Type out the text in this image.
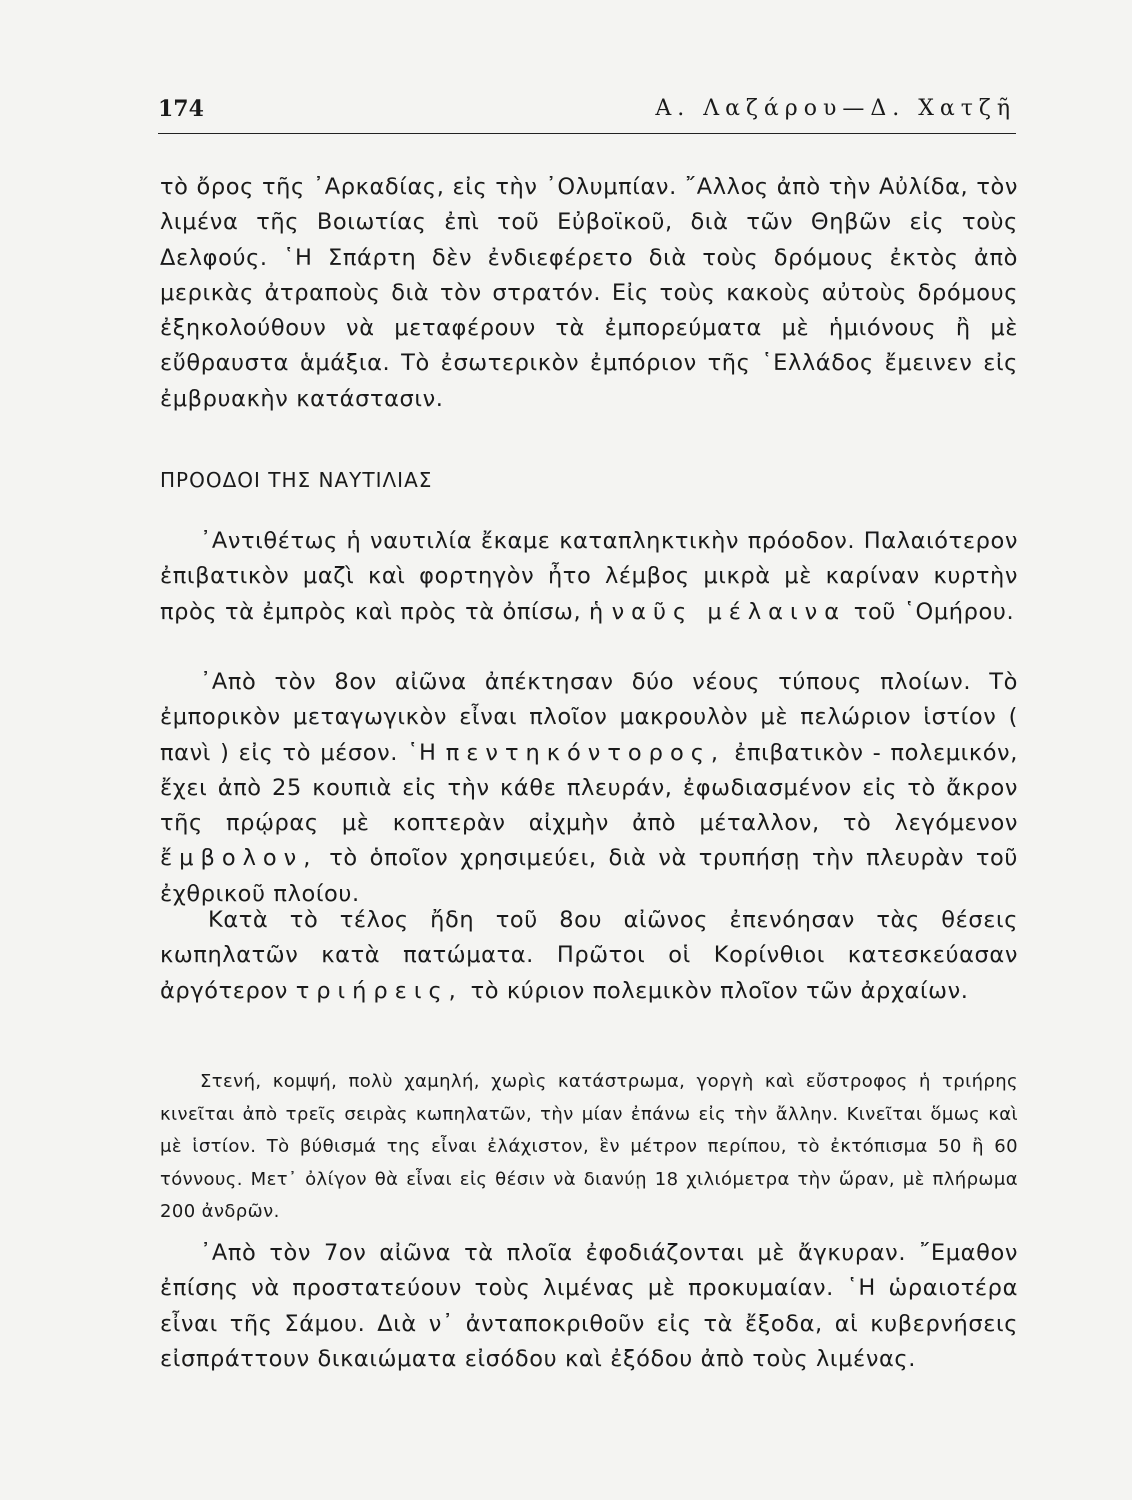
174	Α. Λαζάρου—Δ. Χατζῆ

τὸ ὄρος τῆς ᾿Αρκαδίας, εἰς τὴν ᾿Ολυμπίαν. ῎Αλλος ἀπὸ τὴν Αὐλίδα, τὸν λιμένα τῆς Βοιωτίας ἐπὶ τοῦ Εὐβοϊκοῦ, διὰ τῶν Θηβῶν εἰς τοὺς Δελφούς. ῾Η Σπάρτη δὲν ἐνδιεφέρετο διὰ τοὺς δρόμους ἐκτὸς ἀπὸ μερικὰς ἀτραποὺς διὰ τὸν στρατόν. Εἰς τοὺς κακοὺς αὐτοὺς δρόμους ἐξηκολούθουν νὰ μεταφέρουν τὰ ἐμπορεύματα μὲ ἡμιόνους ἢ μὲ εὔθραυστα ἁμάξια. Τὸ ἐσωτερικὸν ἐμπόριον τῆς ῾Ελλάδος ἔμεινεν εἰς ἐμβρυακὴν κατάστασιν.

ΠΡΟΟΔΟΙ ΤΗΣ ΝΑΥΤΙΛΙΑΣ

᾿Αντιθέτως ἡ ναυτιλία ἔκαμε καταπληκτικὴν πρόοδον. Παλαιότερον ἐπιβατικὸν μαζὶ καὶ φορτηγὸν ἦτο λέμβος μικρὰ μὲ καρίναν κυρτὴν πρὸς τὰ ἐμπρὸς καὶ πρὸς τὰ ὀπίσω, ἡ ναῦς μέλαινα τοῦ ῾Ομήρου.

᾿Απὸ τὸν 8ον αἰῶνα ἀπέκτησαν δύο νέους τύπους πλοίων. Τὸ ἐμπορικὸν μεταγωγικὸν εἶναι πλοῖον μακρουλὸν μὲ πελώριον ἱστίον ( πανὶ ) εἰς τὸ μέσον. ῾Η πεντηκόντορος, ἐπιβατικὸν - πολεμικόν, ἔχει ἀπὸ 25 κουπιὰ εἰς τὴν κάθε πλευράν, ἐφωδιασμένον εἰς τὸ ἄκρον τῆς πρῴρας μὲ κοπτερὰν αἰχμὴν ἀπὸ μέταλλον, τὸ λεγόμενον ἔμβολον, τὸ ὁποῖον χρησιμεύει, διὰ νὰ τρυπήσῃ τὴν πλευρὰν τοῦ ἐχθρικοῦ πλοίου.

Κατὰ τὸ τέλος ἤδη τοῦ 8ου αἰῶνος ἐπενόησαν τὰς θέσεις κωπηλατῶν κατὰ πατώματα. Πρῶτοι οἱ Κορίνθιοι κατεσκεύασαν ἀργότερον τριήρεις, τὸ κύριον πολεμικὸν πλοῖον τῶν ἀρχαίων.

Στενή, κομψή, πολὺ χαμηλή, χωρὶς κατάστρωμα, γοργὴ καὶ εὔστροφος ἡ τριήρης κινεῖται ἀπὸ τρεῖς σειρὰς κωπηλατῶν, τὴν μίαν ἐπάνω εἰς τὴν ἄλλην. Κινεῖται ὅμως καὶ μὲ ἱστίον. Τὸ βύθισμά της εἶναι ἐλάχιστον, ἓν μέτρον περίπου, τὸ ἐκτόπισμα 50 ἢ 60 τόννους. Μετ᾿ ὀλίγον θὰ εἶναι εἰς θέσιν νὰ διανύῃ 18 χιλιόμετρα τὴν ὥραν, μὲ πλήρωμα 200 ἀνδρῶν.

᾿Απὸ τὸν 7ον αἰῶνα τὰ πλοῖα ἐφοδιάζονται μὲ ἄγκυραν. ῎Εμαθον ἐπίσης νὰ προστατεύουν τοὺς λιμένας μὲ προκυμαίαν. ῾Η ὡραιοτέρα εἶναι τῆς Σάμου. Διὰ ν᾿ ἀνταποκριθοῦν εἰς τὰ ἔξοδα, αἱ κυβερνήσεις εἰσπράττουν δικαιώματα εἰσόδου καὶ ἐξόδου ἀπὸ τοὺς λιμένας.
